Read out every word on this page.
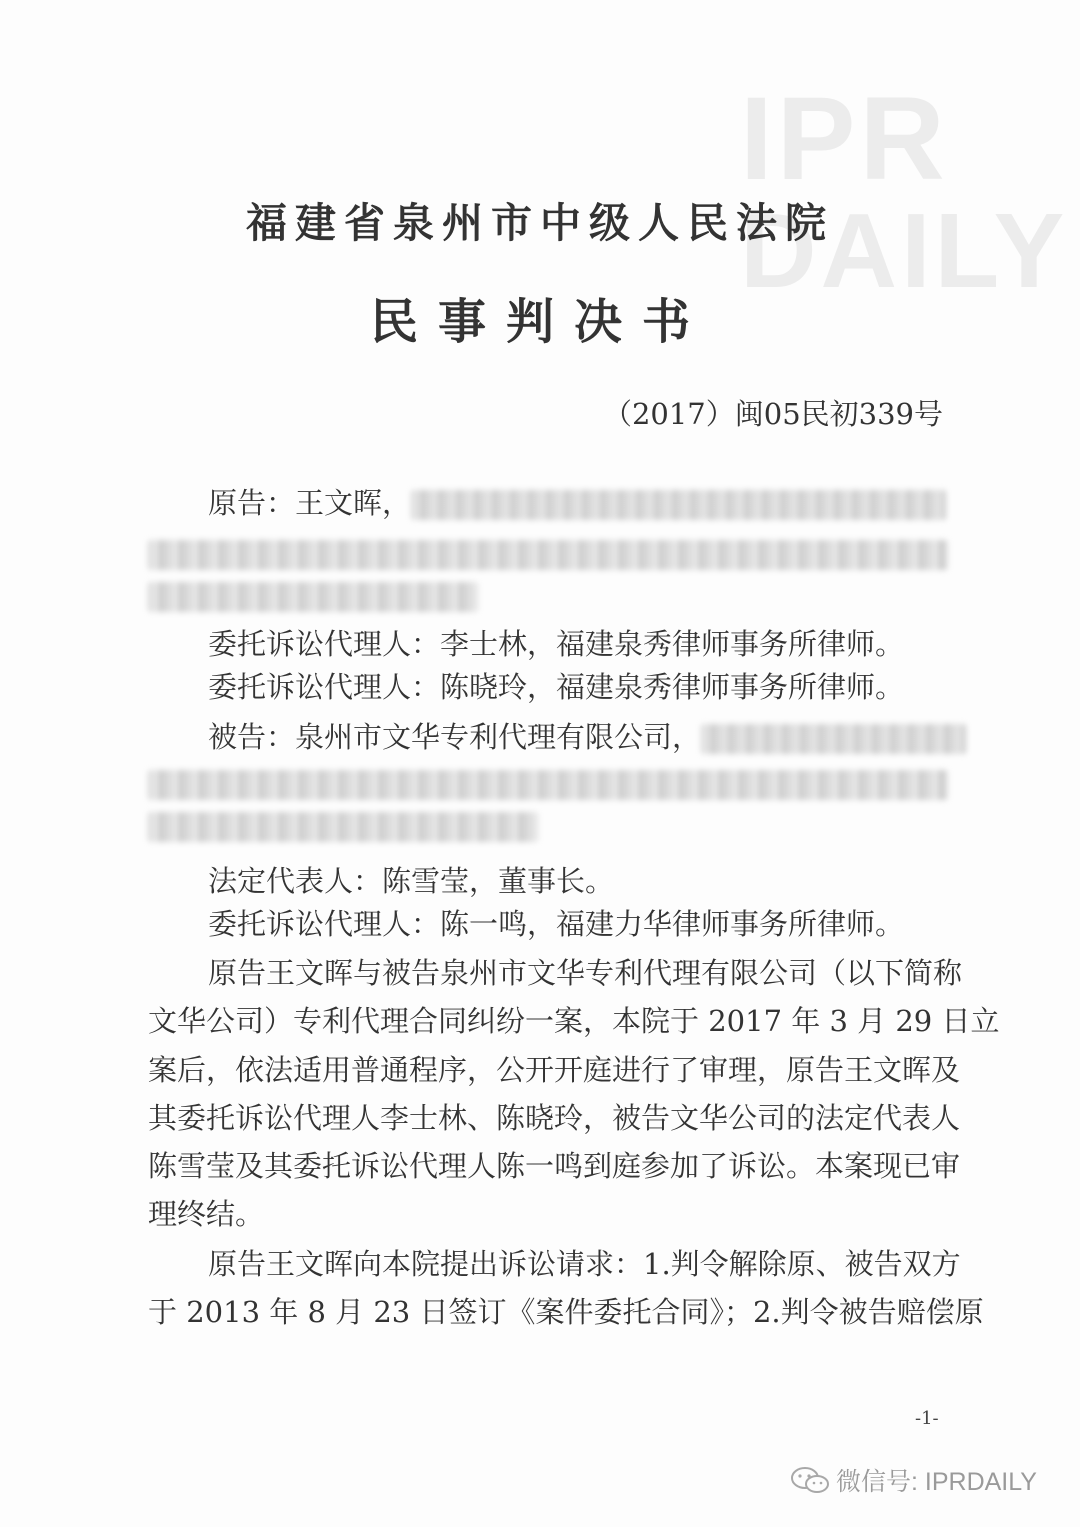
IPR
DAILY
福建省泉州市中级人民法院
民事判决书
（2017）闽05民初339号
原告：王文晖，
委托诉讼代理人：李士林，福建泉秀律师事务所律师。
委托诉讼代理人：陈晓玲，福建泉秀律师事务所律师。
被告：泉州市文华专利代理有限公司，
法定代表人：陈雪莹，董事长。
委托诉讼代理人：陈一鸣，福建力华律师事务所律师。
原告王文晖与被告泉州市文华专利代理有限公司（以下简称
文华公司）专利代理合同纠纷一案，本院于 2017 年 3 月 29 日立
案后，依法适用普通程序，公开开庭进行了审理，原告王文晖及
其委托诉讼代理人李士林、陈晓玲，被告文华公司的法定代表人
陈雪莹及其委托诉讼代理人陈一鸣到庭参加了诉讼。本案现已审
理终结。
原告王文晖向本院提出诉讼请求：1.判令解除原、被告双方
于 2013 年 8 月 23 日签订《案件委托合同》；2.判令被告赔偿原
-1-
微信号: IPRDAILY
